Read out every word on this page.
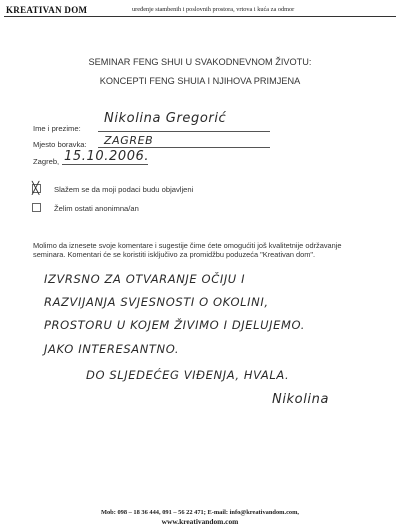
KREATIVAN DOM	uređenje stambenih i poslovnih prostora, vrtova i kuća za odmor
SEMINAR FENG SHUI U SVAKODNEVNOM ŽIVOTU:
KONCEPTI FENG SHUIA I NJIHOVA PRIMJENA
Ime i prezime:
Nikolina Gregorić
Mjesto boravka: ZAGREB
Zagreb, 15.10.2006.
╳ Slažem se da moji podaci budu objavljeni
Želim ostati anonimna/an
Molimo da iznesete svoje komentare i sugestije čime ćete omogućiti još kvalitetnije održavanje seminara. Komentari će se koristiti isključivo za promidžbu poduzeća "Kreativan dom".
IZVRSNO ZA OTVARANJE OČIJU I
RAZVIJANJA SVJESNOSTI O OKOLINI,
PROSTORU U KOJEM ŽIVIMO I DJELUJEMO.
JAKO INTERESANTNO.
DO SLJEDEĆEG VIĐENJA, HVALA.
Nikolina
Mob: 098 – 18 36 444, 091 – 56 22 471; E-mail: info@kreativandom.com,
www.kreativandom.com
